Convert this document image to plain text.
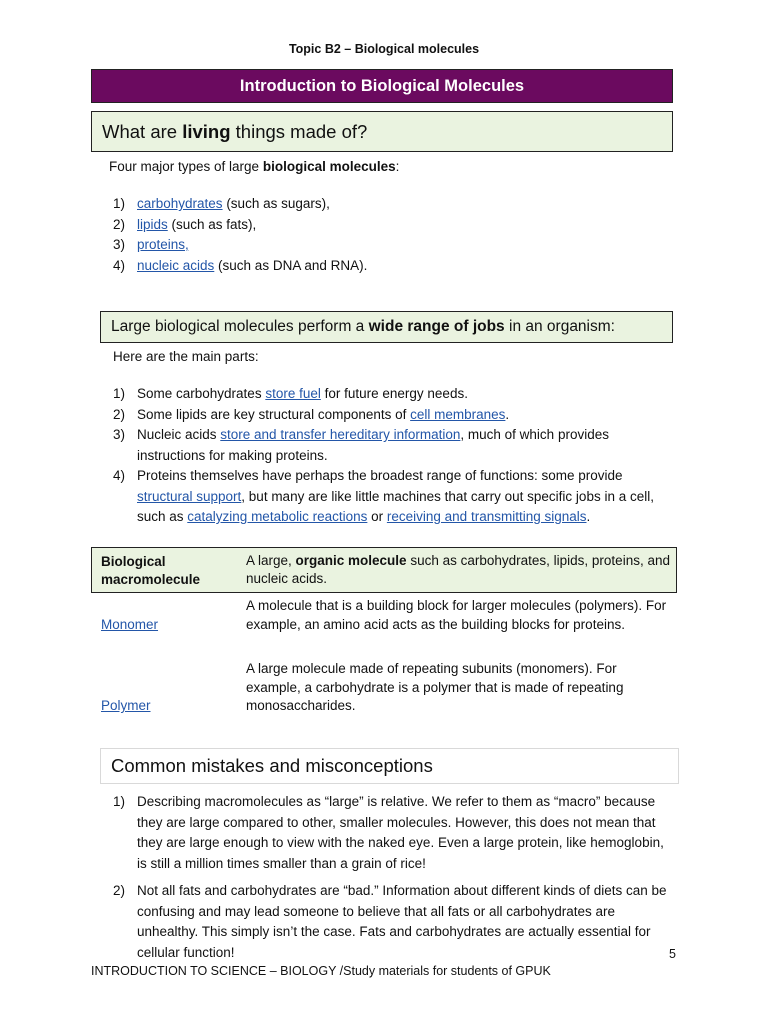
Topic B2 – Biological molecules
Introduction to Biological Molecules
What are living things made of?
Four major types of large biological molecules:
1) carbohydrates (such as sugars),
2) lipids (such as fats),
3) proteins,
4) nucleic acids (such as DNA and RNA).
Large biological molecules perform a wide range of jobs in an organism:
Here are the main parts:
1) Some carbohydrates store fuel for future energy needs.
2) Some lipids are key structural components of cell membranes.
3) Nucleic acids store and transfer hereditary information, much of which provides instructions for making proteins.
4) Proteins themselves have perhaps the broadest range of functions: some provide structural support, but many are like little machines that carry out specific jobs in a cell, such as catalyzing metabolic reactions or receiving and transmitting signals.
Biological macromolecule
A large, organic molecule such as carbohydrates, lipids, proteins, and nucleic acids.
Monomer
A molecule that is a building block for larger molecules (polymers). For example, an amino acid acts as the building blocks for proteins.
Polymer
A large molecule made of repeating subunits (monomers). For example, a carbohydrate is a polymer that is made of repeating monosaccharides.
Common mistakes and misconceptions
1) Describing macromolecules as “large” is relative. We refer to them as “macro” because they are large compared to other, smaller molecules. However, this does not mean that they are large enough to view with the naked eye. Even a large protein, like hemoglobin, is still a million times smaller than a grain of rice!
2) Not all fats and carbohydrates are “bad.” Information about different kinds of diets can be confusing and may lead someone to believe that all fats or all carbohydrates are unhealthy. This simply isn’t the case. Fats and carbohydrates are actually essential for cellular function!	5
INTRODUCTION TO SCIENCE – BIOLOGY /Study materials for students of GPUK
